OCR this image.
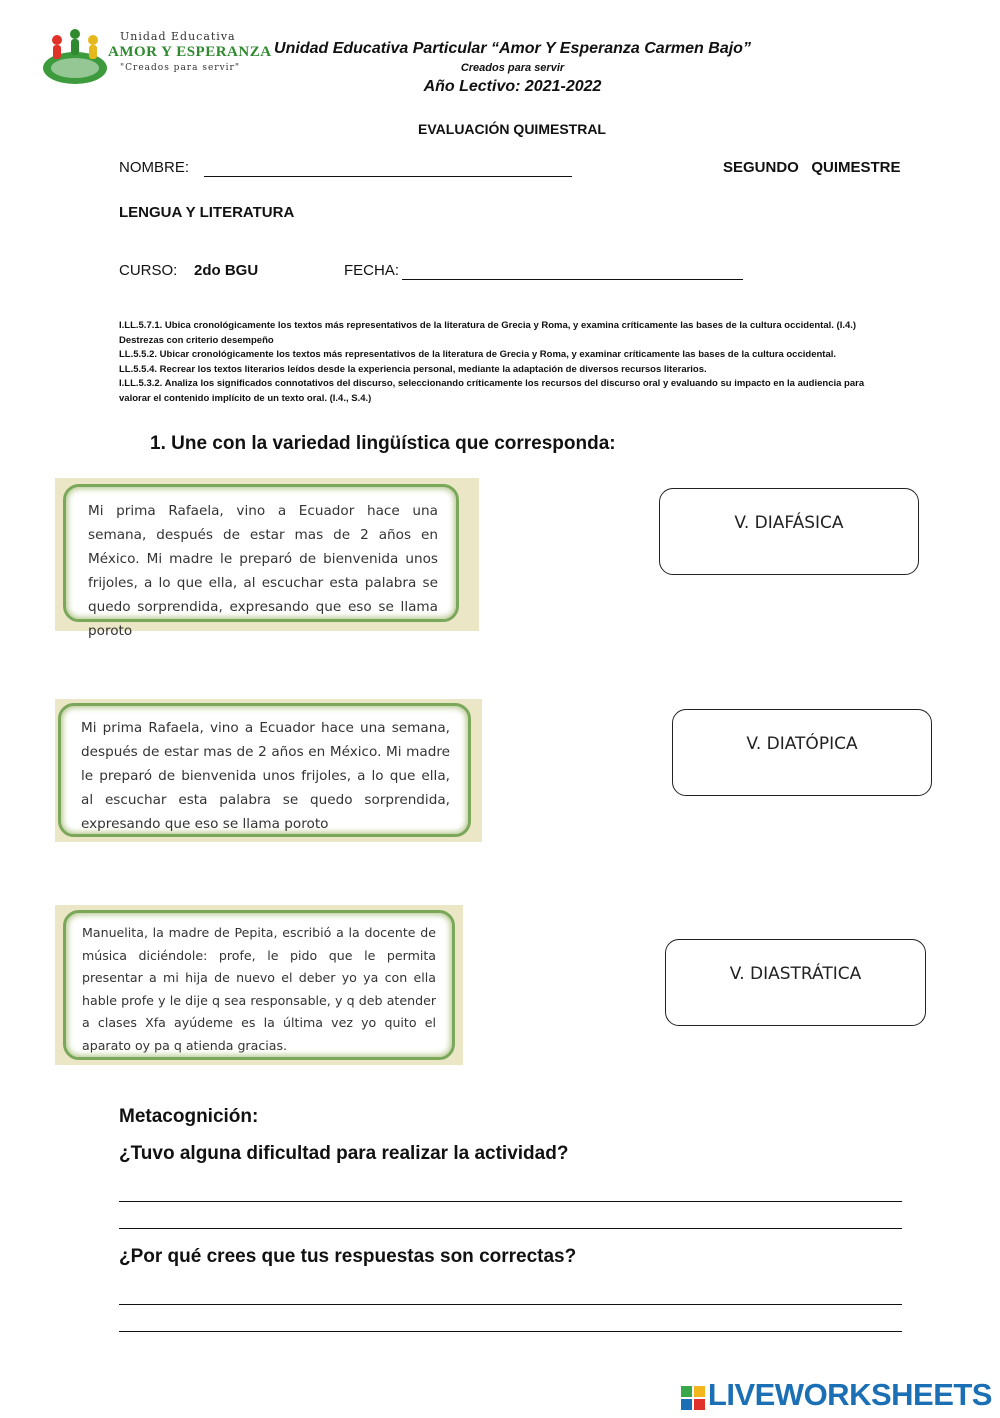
Unidad Educativa
AMOR Y ESPERANZA
"Creados para servir"
Unidad Educativa Particular “Amor Y Esperanza Carmen Bajo”
Creados para servir
Año Lectivo: 2021-2022
EVALUACIÓN QUIMESTRAL
NOMBRE:	SEGUNDO   QUIMESTRE
LENGUA Y LITERATURA
CURSO: 2do BGU	FECHA:
I.LL.5.7.1. Ubica cronológicamente los textos más representativos de la literatura de Grecia y Roma, y examina críticamente las bases de la cultura occidental. (I.4.)
Destrezas con criterio desempeño
LL.5.5.2. Ubicar cronológicamente los textos más representativos de la literatura de Grecia y Roma, y examinar críticamente las bases de la cultura occidental.
LL.5.5.4. Recrear los textos literarios leídos desde la experiencia personal, mediante la adaptación de diversos recursos literarios.
I.LL.5.3.2. Analiza los significados connotativos del discurso, seleccionando críticamente los recursos del discurso oral y evaluando su impacto en la audiencia para valorar el contenido implícito de un texto oral. (I.4., S.4.)
1. Une con la variedad lingüística que corresponda:

Mi prima Rafaela, vino a Ecuador hace una semana, después de estar mas de 2 años en México. Mi madre le preparó de bienvenida unos frijoles, a lo que ella, al escuchar esta palabra se quedo sorprendida, expresando que eso se llama poroto

Mi prima Rafaela, vino a Ecuador hace una semana, después de estar mas de 2 años en México. Mi madre le preparó de bienvenida unos frijoles, a lo que ella, al escuchar esta palabra se quedo sorprendida, expresando que eso se llama poroto

Manuelita, la madre de Pepita, escribió a la docente de música diciéndole: profe, le pido que le permita presentar a mi hija de nuevo el deber yo ya con ella hable profe y le dije q sea responsable, y q deb atender a clases Xfa ayúdeme es la última vez yo quito el aparato oy pa q atienda gracias.

V. DIAFÁSICA
V. DIATÓPICA
V. DIASTRÁTICA
Metacognición:
¿Tuvo alguna dificultad para realizar la actividad?
¿Por qué crees que tus respuestas son correctas?
LIVEWORKSHEETS
